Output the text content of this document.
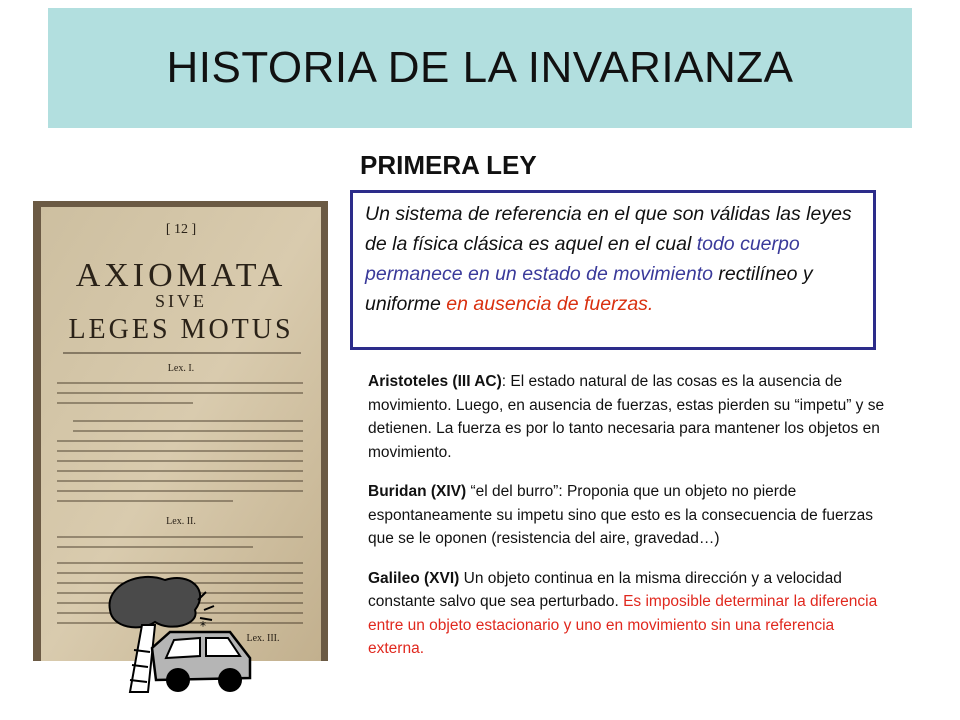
HISTORIA DE LA INVARIANZA
PRIMERA LEY
Un sistema de referencia en el que son válidas las leyes de la física clásica es aquel en el cual todo cuerpo permanece en un estado de movimiento rectilíneo y uniforme en ausencia de fuerzas.
[ 12 ]
AXIOMATA
SIVE
LEGES MOTUS
Lex. I.
Lex. II.
Lex. III.
*

Aristoteles (III AC): El estado natural de las cosas es la ausencia de movimiento. Luego, en ausencia de fuerzas, estas pierden su “impetu” y se detienen. La fuerza es por lo tanto necesaria para mantener los objetos en movimiento.

Buridan (XIV) “el del burro”: Proponia que un objeto no pierde espontaneamente su impetu sino que esto es la consecuencia de fuerzas que se le oponen (resistencia del aire, gravedad…)

Galileo (XVI) Un objeto continua en la misma dirección y a velocidad constante salvo que sea perturbado. Es imposible determinar la diferencia entre un objeto estacionario y uno en movimiento sin una referencia externa.
